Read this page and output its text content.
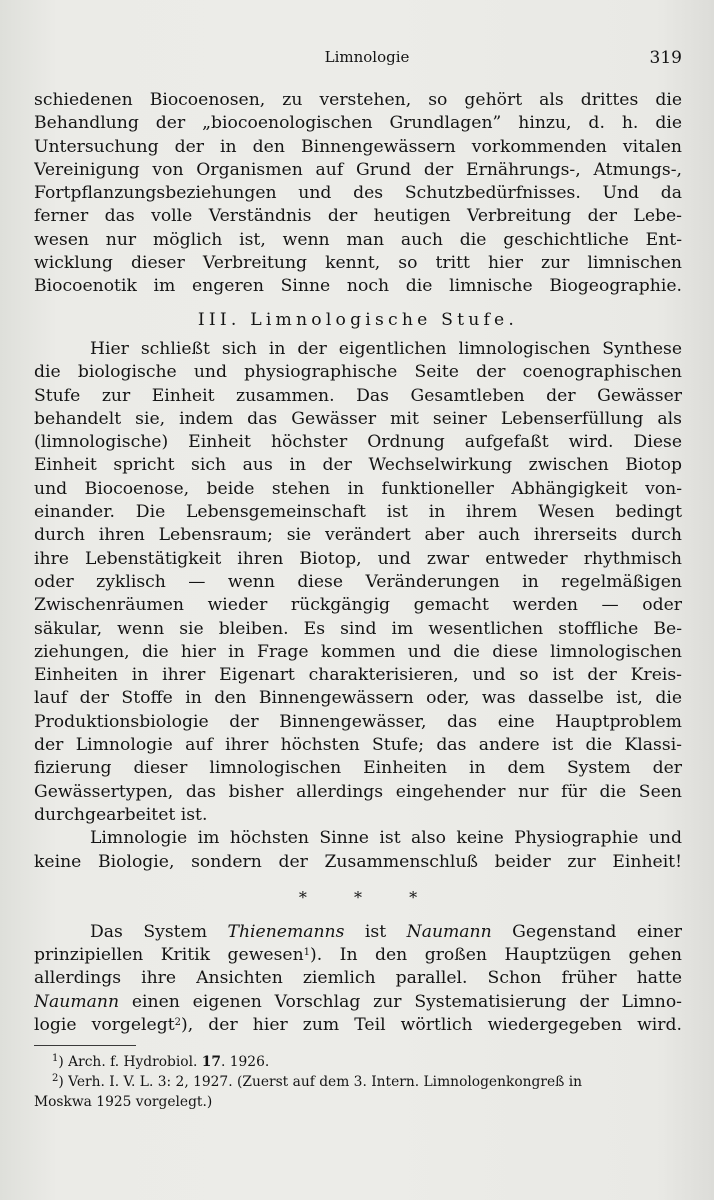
Limnologie	319
schiedenen Biocoenosen, zu verstehen, so gehört als drittes die
Behandlung der „biocoenologischen Grundlagen” hinzu, d. h. die
Untersuchung der in den Binnengewässern vorkommenden vitalen
Vereinigung von Organismen auf Grund der Ernährungs-, Atmungs-,
Fortpflanzungsbeziehungen und des Schutzbedürfnisses. Und da
ferner das volle Verständnis der heutigen Verbreitung der Lebe-
wesen nur möglich ist, wenn man auch die geschichtliche Ent-
wicklung dieser Verbreitung kennt, so tritt hier zur limnischen
Biocoenotik im engeren Sinne noch die limnische Biogeographie.
III. Limnologische Stufe.
Hier schließt sich in der eigentlichen limnologischen Synthese
die biologische und physiographische Seite der coenographischen
Stufe zur Einheit zusammen. Das Gesamtleben der Gewässer
behandelt sie, indem das Gewässer mit seiner Lebenserfüllung als
(limnologische) Einheit höchster Ordnung aufgefaßt wird. Diese
Einheit spricht sich aus in der Wechselwirkung zwischen Biotop
und Biocoenose, beide stehen in funktioneller Abhängigkeit von-
einander. Die Lebensgemeinschaft ist in ihrem Wesen bedingt
durch ihren Lebensraum; sie verändert aber auch ihrerseits durch
ihre Lebenstätigkeit ihren Biotop, und zwar entweder rhythmisch
oder zyklisch — wenn diese Veränderungen in regelmäßigen
Zwischenräumen wieder rückgängig gemacht werden — oder
säkular, wenn sie bleiben. Es sind im wesentlichen stoffliche Be-
ziehungen, die hier in Frage kommen und die diese limnologischen
Einheiten in ihrer Eigenart charakterisieren, und so ist der Kreis-
lauf der Stoffe in den Binnengewässern oder, was dasselbe ist, die
Produktionsbiologie der Binnengewässer, das eine Hauptproblem
der Limnologie auf ihrer höchsten Stufe; das andere ist die Klassi-
fizierung dieser limnologischen Einheiten in dem System der
Gewässertypen, das bisher allerdings eingehender nur für die Seen
durchgearbeitet ist.
Limnologie im höchsten Sinne ist also keine Physiographie und
keine Biologie, sondern der Zusammenschluß beider zur Einheit!
* * *
Das System Thienemanns ist Naumann Gegenstand einer
prinzipiellen Kritik gewesen$^1$). In den großen Hauptzügen gehen
allerdings ihre Ansichten ziemlich parallel. Schon früher hatte
Naumann einen eigenen Vorschlag zur Systematisierung der Limno-
logie vorgelegt$^2$), der hier zum Teil wörtlich wiedergegeben wird.
$^1$) Arch. f. Hydrobiol. 17. 1926.
$^2$) Verh. I. V. L. 3: 2, 1927. (Zuerst auf dem 3. Intern. Limnologenkongreß in
Moskwa 1925 vorgelegt.)
